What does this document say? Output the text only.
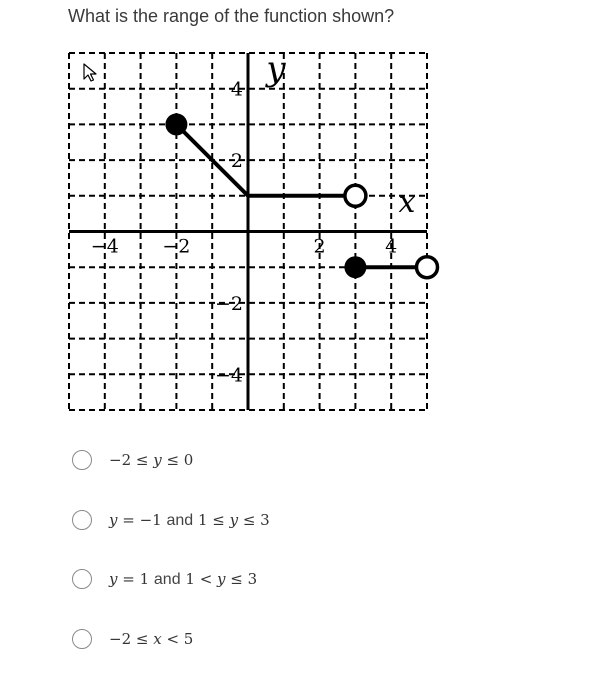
What is the range of the function shown?
−4 −2	2	4
4
2
−2
−4
y
x
−2 ≤ y ≤ 0
y = −1 and 1 ≤ y ≤ 3
y = 1 and 1 < y ≤ 3
−2 ≤ x < 5
